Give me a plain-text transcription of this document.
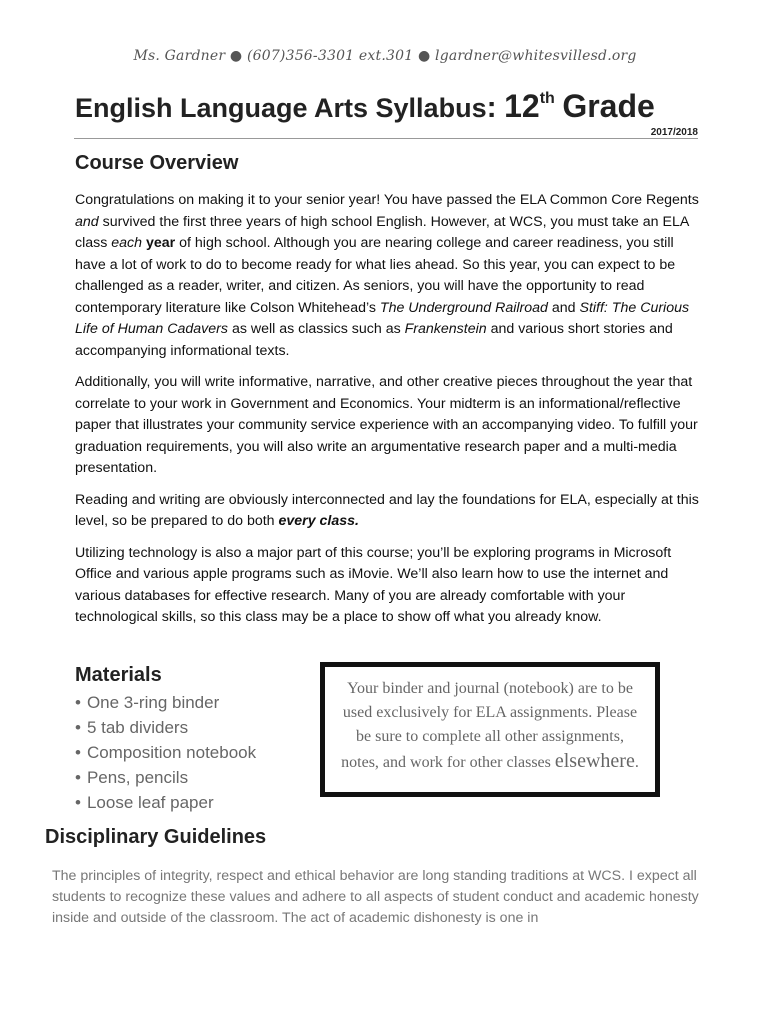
Ms. Gardner ● (607)356-3301 ext.301 ● lgardner@whitesvillesd.org
English Language Arts Syllabus: 12th Grade
2017/2018
Course Overview

Congratulations on making it to your senior year! You have passed the ELA Common Core Regents and survived the first three years of high school English. However, at WCS, you must take an ELA class each year of high school. Although you are nearing college and career readiness, you still have a lot of work to do to become ready for what lies ahead. So this year, you can expect to be challenged as a reader, writer, and citizen. As seniors, you will have the opportunity to read contemporary literature like Colson Whitehead’s The Underground Railroad and Stiff: The Curious Life of Human Cadavers as well as classics such as Frankenstein and various short stories and accompanying informational texts.

Additionally, you will write informative, narrative, and other creative pieces throughout the year that correlate to your work in Government and Economics. Your midterm is an informational/reflective paper that illustrates your community service experience with an accompanying video. To fulfill your graduation requirements, you will also write an argumentative research paper and a multi-media presentation.

Reading and writing are obviously interconnected and lay the foundations for ELA, especially at this level, so be prepared to do both every class.

Utilizing technology is also a major part of this course; you’ll be exploring programs in Microsoft Office and various apple programs such as iMovie. We’ll also learn how to use the internet and various databases for effective research. Many of you are already comfortable with your technological skills, so this class may be a place to show off what you already know.

Materials
• One 3-ring binder
• 5 tab dividers
• Composition notebook
• Pens, pencils
• Loose leaf paper
Your binder and journal (notebook) are to be used exclusively for ELA assignments. Please be sure to complete all other assignments, notes, and work for other classes elsewhere.
Disciplinary Guidelines
The principles of integrity, respect and ethical behavior are long standing traditions at WCS. I expect all students to recognize these values and adhere to all aspects of student conduct and academic honesty inside and outside of the classroom. The act of academic dishonesty is one in
